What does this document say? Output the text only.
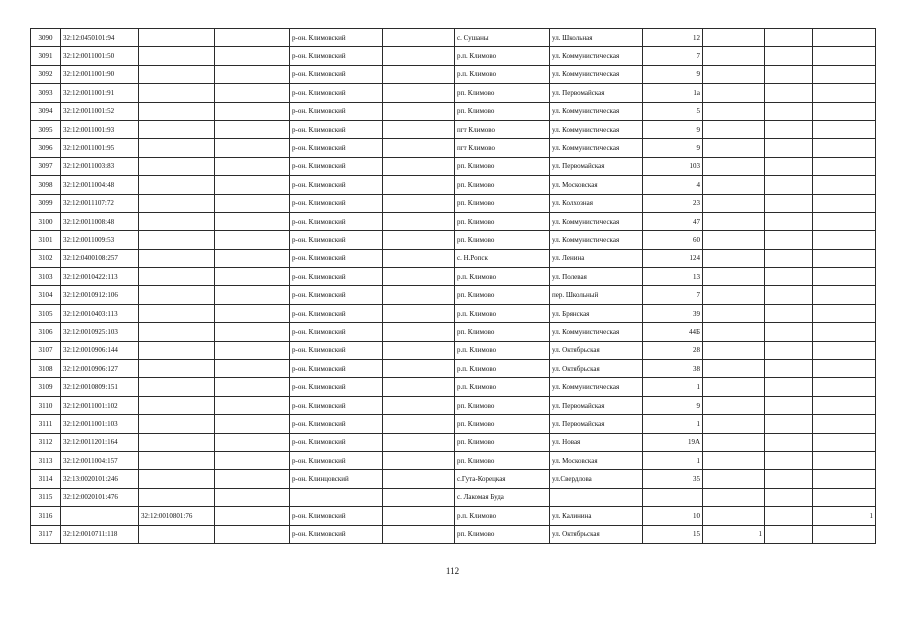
3090	32:12:0450101:94			р-он. Климовский		с. Сушаны	ул. Школьная	12			
3091	32:12:0011001:50			р-он. Климовский		р.п. Климово	ул. Коммунистическая	7			
3092	32:12:0011001:90			р-он. Климовский		р.п. Климово	ул. Коммунистическая	9			
3093	32:12:0011001:91			р-он. Климовский		рп. Климово	ул. Первомайская	1а			
3094	32:12:0011001:52			р-он. Климовский		рп. Климово	ул. Коммунистическая	5			
3095	32:12:0011001:93			р-он. Климовский		пгт Климово	ул. Коммунистическая	9			
3096	32:12:0011001:95			р-он. Климовский		пгт Климово	ул. Коммунистическая	9			
3097	32:12:0011003:83			р-он. Климовский		рп. Климово	ул. Первомайская	103			
3098	32:12:0011004:48			р-он. Климовский		рп. Климово	ул. Московская	4			
3099	32:12:0011107:72			р-он. Климовский		рп. Климово	ул. Колхозная	23			
3100	32:12:0011008:48			р-он. Климовский		рп. Климово	ул. Коммунистическая	47			
3101	32:12:0011009:53			р-он. Климовский		рп. Климово	ул. Коммунистическая	60			
3102	32:12:0400108:257			р-он. Климовский		с. Н.Ропск	ул. Ленина	124			
3103	32:12:0010422:113			р-он. Климовский		р.п. Климово	ул. Полевая	13			
3104	32:12:0010912:106			р-он. Климовский		рп. Климово	пер. Школьный	7			
3105	32:12:0010403:113			р-он. Климовский		р.п. Климово	ул. Брянская	39			
3106	32:12:0010925:103			р-он. Климовский		рп. Климово	ул. Коммунистическая	44Б			
3107	32:12:0010906:144			р-он. Климовский		р.п. Климово	ул. Октябрьская	28			
3108	32:12:0010906:127			р-он. Климовский		р.п. Климово	ул. Октябрьская	38			
3109	32:12:0010809:151			р-он. Климовский		р.п. Климово	ул. Коммунистическая	1			
3110	32:12:0011001:102			р-он. Климовский		рп. Климово	ул. Первомайская	9			
3111	32:12:0011001:103			р-он. Климовский		рп. Климово	ул. Первомайская	1			
3112	32:12:0011201:164			р-он. Климовский		рп. Климово	ул. Новая	19А			
3113	32:12:0011004:157			р-он. Климовский		рп. Климово	ул. Московская	1			
3114	32:13:0020101:246			р-он. Клинцовский		с.Гута-Корецкая	ул.Свердлова	35			
3115	32:12:0020101:476					с. Лакомая Буда					
3116		32:12:0010801:76		р-он. Климовский		р.п. Климово	ул. Калинина	10			1
3117	32:12:0010711:118			р-он. Климовский		рп. Климово	ул. Октябрьская	15	1		
112
